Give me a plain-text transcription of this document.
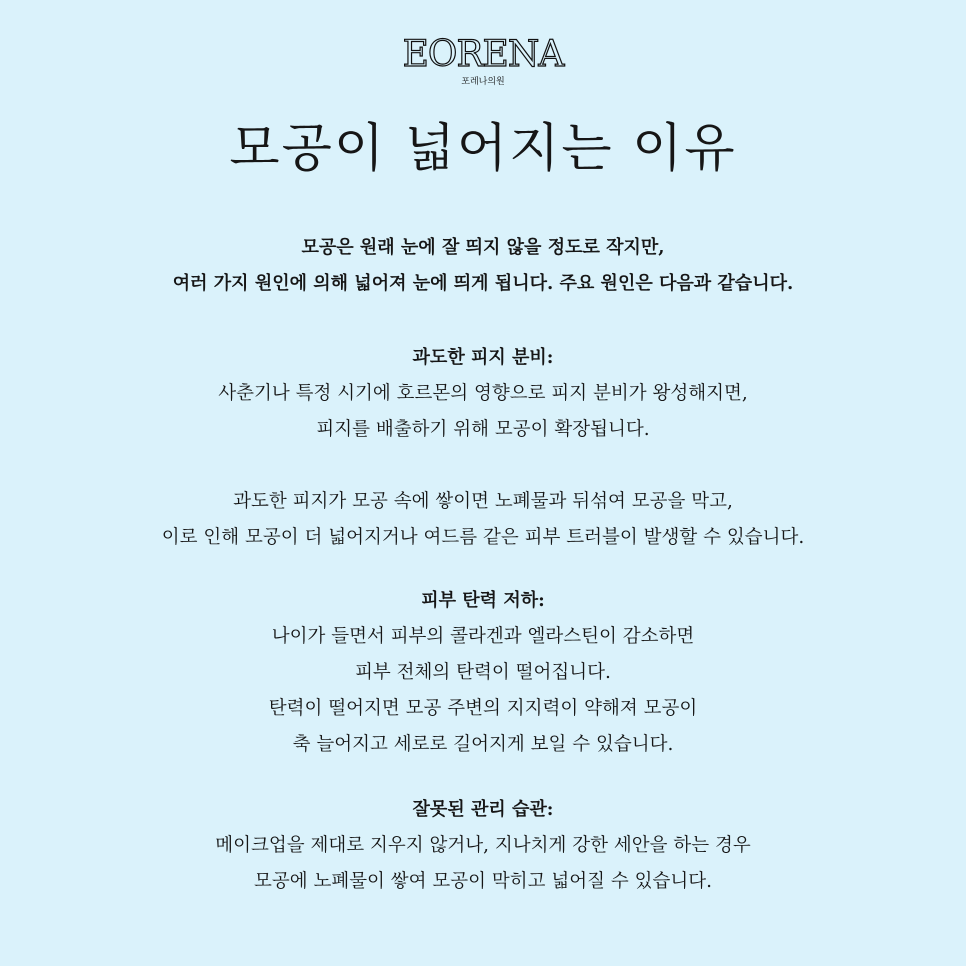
EORENA
포레나의원
모공이 넓어지는 이유
모공은 원래 눈에 잘 띄지 않을 정도로 작지만,
여러 가지 원인에 의해 넓어져 눈에 띄게 됩니다. 주요 원인은 다음과 같습니다.
과도한 피지 분비:
사춘기나 특정 시기에 호르몬의 영향으로 피지 분비가 왕성해지면,
피지를 배출하기 위해 모공이 확장됩니다.
과도한 피지가 모공 속에 쌓이면 노폐물과 뒤섞여 모공을 막고,
이로 인해 모공이 더 넓어지거나 여드름 같은 피부 트러블이 발생할 수 있습니다.
피부 탄력 저하:
나이가 들면서 피부의 콜라겐과 엘라스틴이 감소하면
피부 전체의 탄력이 떨어집니다.
탄력이 떨어지면 모공 주변의 지지력이 약해져 모공이
축 늘어지고 세로로 길어지게 보일 수 있습니다.
잘못된 관리 습관:
메이크업을 제대로 지우지 않거나, 지나치게 강한 세안을 하는 경우
모공에 노폐물이 쌓여 모공이 막히고 넓어질 수 있습니다.
